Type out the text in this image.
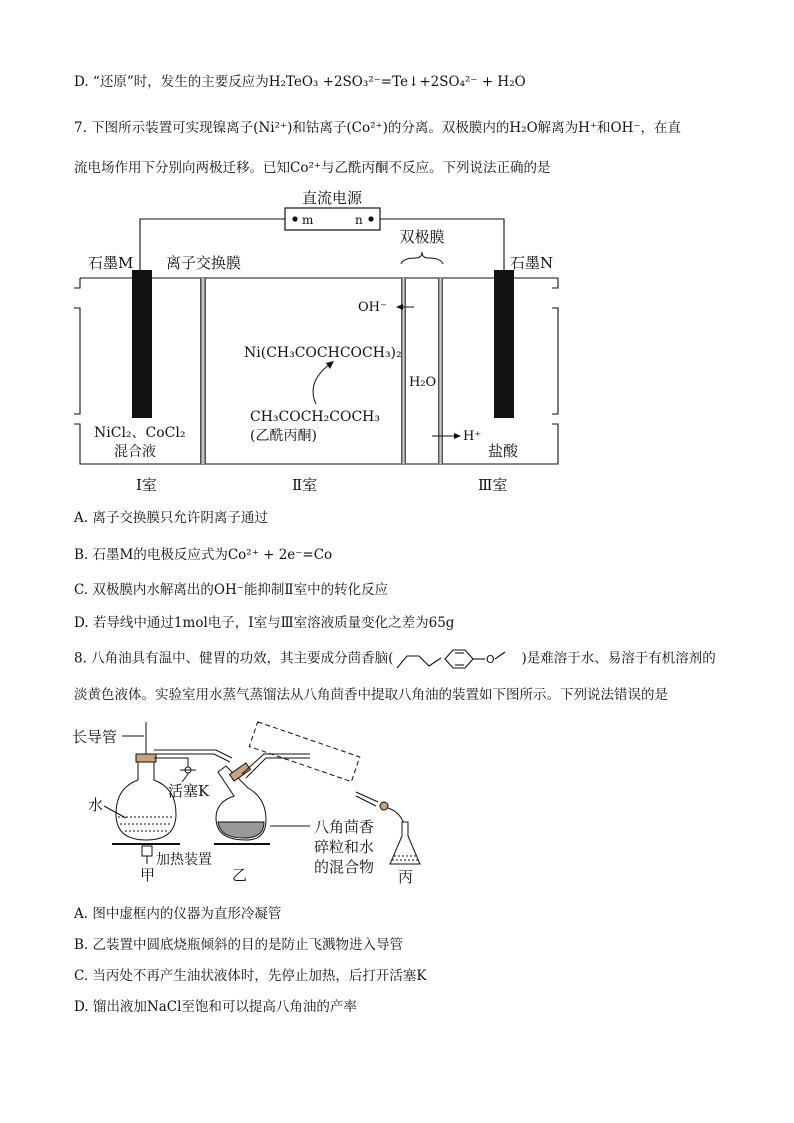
D. “还原”时，发生的主要反应为H₂TeO₃ +2SO₃²⁻=Te↓+2SO₄²⁻ + H₂O
7. 下图所示装置可实现镍离子(Ni²⁺)和钴离子(Co²⁺)的分离。双极膜内的H₂O解离为H⁺和OH⁻，在直
流电场作用下分别向两极迁移。已知Co²⁺与乙酰丙酮不反应。下列说法正确的是
直流电源
m	n
石墨M	石墨N
离子交换膜
双极膜
OH⁻
H₂O
H⁺
Ni(CH₃COCHCOCH₃)₂
CH₃COCH₂COCH₃
(乙酰丙酮)
NiCl₂、CoCl₂
混合液	盐酸
Ⅰ室	Ⅱ室	Ⅲ室
A. 离子交换膜只允许阴离子通过
B. 石墨M的电极反应式为Co²⁺ + 2e⁻=Co
C. 双极膜内水解离出的OH⁻能抑制Ⅱ室中的转化反应
D. 若导线中通过1mol电子，Ⅰ室与Ⅲ室溶液质量变化之差为65g
8. 八角油具有温中、健胃的功效，其主要成分茴香脑(	O )是难溶于水、易溶于有机溶剂的
淡黄色液体。实验室用水蒸气蒸馏法从八角茴香中提取八角油的装置如下图所示。下列说法错误的是
长导管
水
活塞K
加热装置
甲	乙	丙
八角茴香
碎粒和水
的混合物
A. 图中虚框内的仪器为直形冷凝管
B. 乙装置中圆底烧瓶倾斜的目的是防止飞溅物进入导管
C. 当丙处不再产生油状液体时，先停止加热，后打开活塞K
D. 馏出液加NaCl至饱和可以提高八角油的产率
